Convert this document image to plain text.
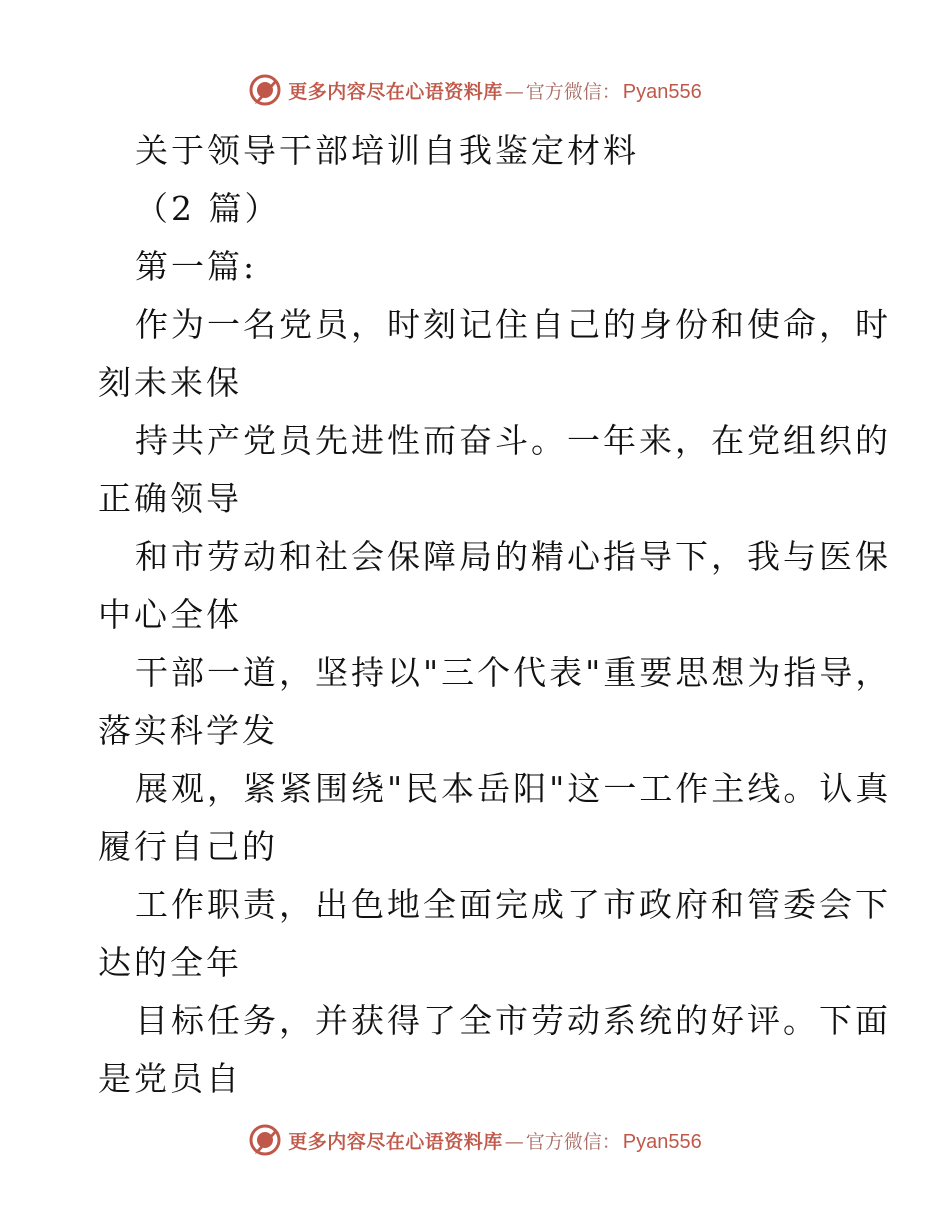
更多内容尽在心语资料库 — 官方微信： Pyan556
关于领导干部培训自我鉴定材料
（2 篇）
第一篇:
作为一名党员，时刻记住自己的身份和使命，时
刻未来保
持共产党员先进性而奋斗。一年来，在党组织的
正确领导
和市劳动和社会保障局的精心指导下，我与医保
中心全体
干部一道，坚持以"三个代表"重要思想为指导，
落实科学发
展观，紧紧围绕"民本岳阳"这一工作主线。认真
履行自己的
工作职责，出色地全面完成了市政府和管委会下
达的全年
目标任务，并获得了全市劳动系统的好评。下面
是党员自
更多内容尽在心语资料库 — 官方微信： Pyan556
